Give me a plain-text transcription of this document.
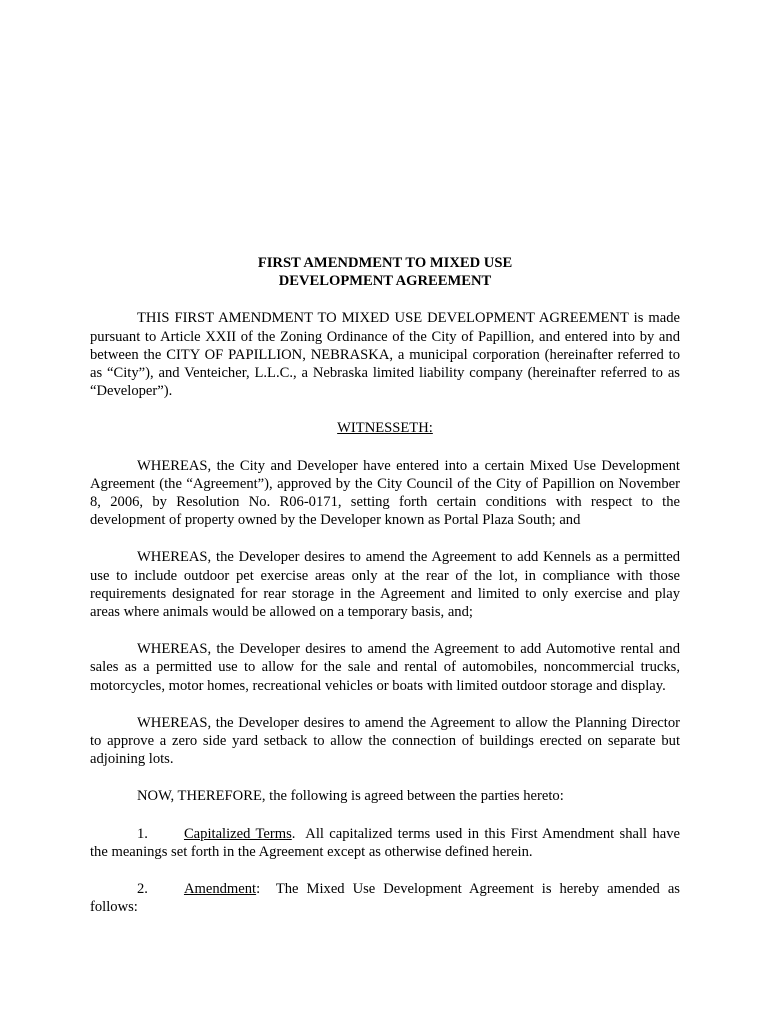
FIRST AMENDMENT TO MIXED USE

DEVELOPMENT AGREEMENT

THIS FIRST AMENDMENT TO MIXED USE DEVELOPMENT AGREEMENT is made pursuant to Article XXII of the Zoning Ordinance of the City of Papillion, and entered into by and between the CITY OF PAPILLION, NEBRASKA, a municipal corporation (hereinafter referred to as “City”), and Venteicher, L.L.C., a Nebraska limited liability company (hereinafter referred to as “Developer”).

WITNESSETH:

WHEREAS, the City and Developer have entered into a certain Mixed Use Development Agreement (the “Agreement”), approved by the City Council of the City of Papillion on November 8, 2006, by Resolution No. R06-0171, setting forth certain conditions with respect to the development of property owned by the Developer known as Portal Plaza South; and

WHEREAS, the Developer desires to amend the Agreement to add Kennels as a permitted use to include outdoor pet exercise areas only at the rear of the lot, in compliance with those requirements designated for rear storage in the Agreement and limited to only exercise and play areas where animals would be allowed on a temporary basis, and;

WHEREAS, the Developer desires to amend the Agreement to add Automotive rental and sales as a permitted use to allow for the sale and rental of automobiles, noncommercial trucks, motorcycles, motor homes, recreational vehicles or boats with limited outdoor storage and display.

WHEREAS, the Developer desires to amend the Agreement to allow the Planning Director to approve a zero side yard setback to allow the connection of buildings erected on separate but adjoining lots.

NOW, THEREFORE, the following is agreed between the parties hereto:

1. Capitalized Terms. All capitalized terms used in this First Amendment shall have the meanings set forth in the Agreement except as otherwise defined herein.

2. Amendment: The Mixed Use Development Agreement is hereby amended as follows:
